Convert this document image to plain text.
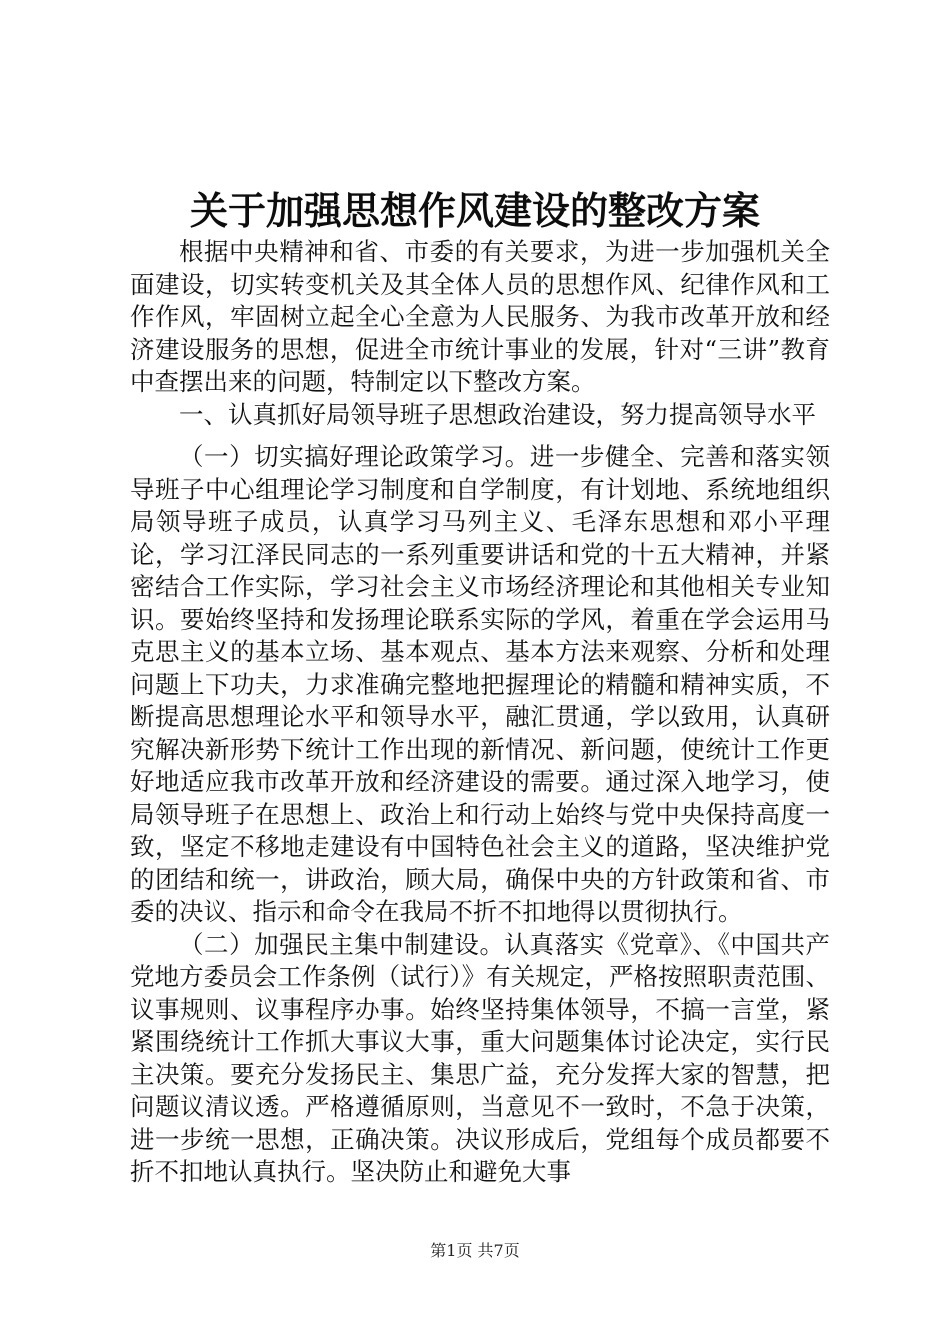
关于加强思想作风建设的整改方案

根据中央精神和省、市委的有关要求，为进一步加强机关全面建设，切实转变机关及其全体人员的思想作风、纪律作风和工作作风，牢固树立起全心全意为人民服务、为我市改革开放和经济建设服务的思想，促进全市统计事业的发展，针对“三讲”教育中查摆出来的问题，特制定以下整改方案。

一、认真抓好局领导班子思想政治建设，努力提高领导水平

（一）切实搞好理论政策学习。进一步健全、完善和落实领导班子中心组理论学习制度和自学制度，有计划地、系统地组织局领导班子成员，认真学习马列主义、毛泽东思想和邓小平理论，学习江泽民同志的一系列重要讲话和党的十五大精神，并紧密结合工作实际，学习社会主义市场经济理论和其他相关专业知识。要始终坚持和发扬理论联系实际的学风，着重在学会运用马克思主义的基本立场、基本观点、基本方法来观察、分析和处理问题上下功夫，力求准确完整地把握理论的精髓和精神实质，不断提高思想理论水平和领导水平，融汇贯通，学以致用，认真研究解决新形势下统计工作出现的新情况、新问题，使统计工作更好地适应我市改革开放和经济建设的需要。通过深入地学习，使局领导班子在思想上、政治上和行动上始终与党中央保持高度一致，坚定不移地走建设有中国特色社会主义的道路，坚决维护党的团结和统一，讲政治，顾大局，确保中央的方针政策和省、市委的决议、指示和命令在我局不折不扣地得以贯彻执行。

（二）加强民主集中制建设。认真落实《党章》、《中国共产党地方委员会工作条例（试行）》有关规定，严格按照职责范围、议事规则、议事程序办事。始终坚持集体领导，不搞一言堂，紧紧围绕统计工作抓大事议大事，重大问题集体讨论决定，实行民主决策。要充分发扬民主、集思广益，充分发挥大家的智慧，把问题议清议透。严格遵循原则，当意见不一致时，不急于决策，进一步统一思想，正确决策。决议形成后，党组每个成员都要不折不扣地认真执行。坚决防止和避免大事

第1页 共7页
